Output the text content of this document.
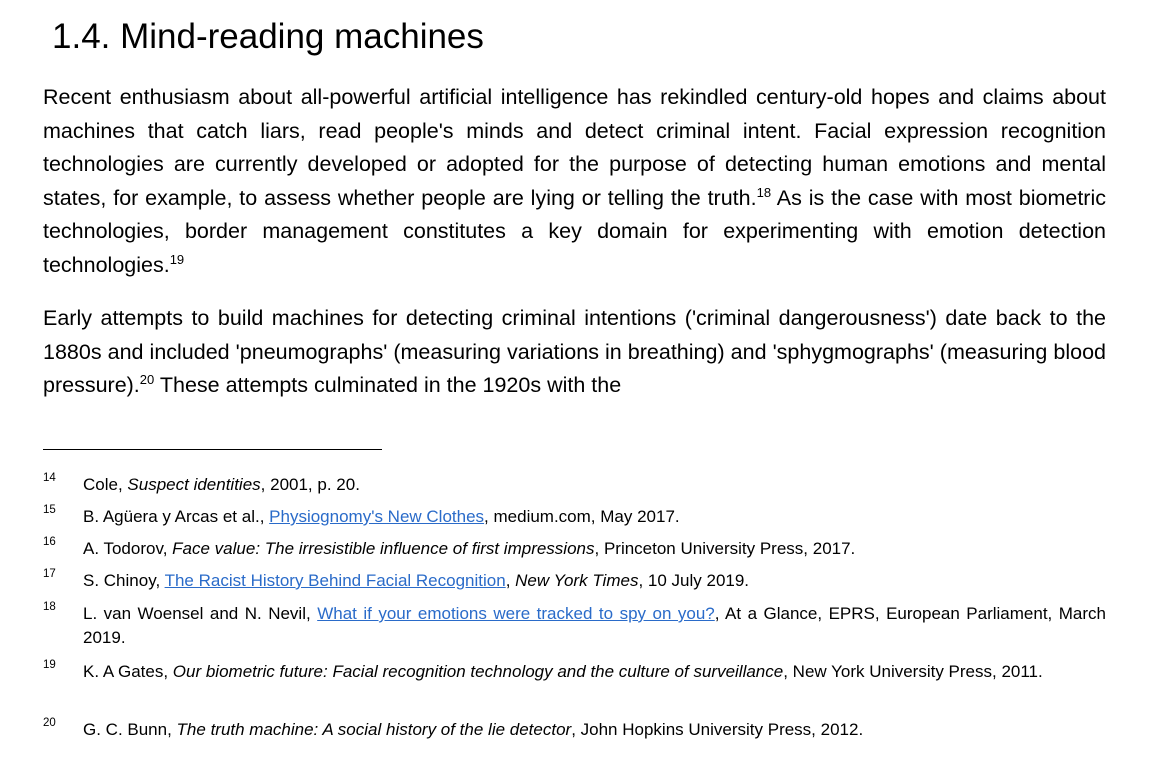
1.4. Mind-reading machines

Recent enthusiasm about all-powerful artificial intelligence has rekindled century-old hopes and claims about machines that catch liars, read people's minds and detect criminal intent. Facial expression recognition technologies are currently developed or adopted for the purpose of detecting human emotions and mental states, for example, to assess whether people are lying or telling the truth.$^{18}$ As is the case with most biometric technologies, border management constitutes a key domain for experimenting with emotion detection technologies.$^{19}$

Early attempts to build machines for detecting criminal intentions ('criminal dangerousness') date back to the 1880s and included 'pneumographs' (measuring variations in breathing) and 'sphygmographs' (measuring blood pressure).$^{20}$ These attempts culminated in the 1920s with the

14 Cole, Suspect identities, 2001, p. 20.
15 B. Agüera y Arcas et al., Physiognomy's New Clothes, medium.com, May 2017.
16 A. Todorov, Face value: The irresistible influence of first impressions, Princeton University Press, 2017.
17 S. Chinoy, The Racist History Behind Facial Recognition, New York Times, 10 July 2019.
18 L. van Woensel and N. Nevil, What if your emotions were tracked to spy on you?, At a Glance, EPRS, European Parliament, March 2019.
19 K. A Gates, Our biometric future: Facial recognition technology and the culture of surveillance, New York University Press, 2011.
20 G. C. Bunn, The truth machine: A social history of the lie detector, John Hopkins University Press, 2012.
